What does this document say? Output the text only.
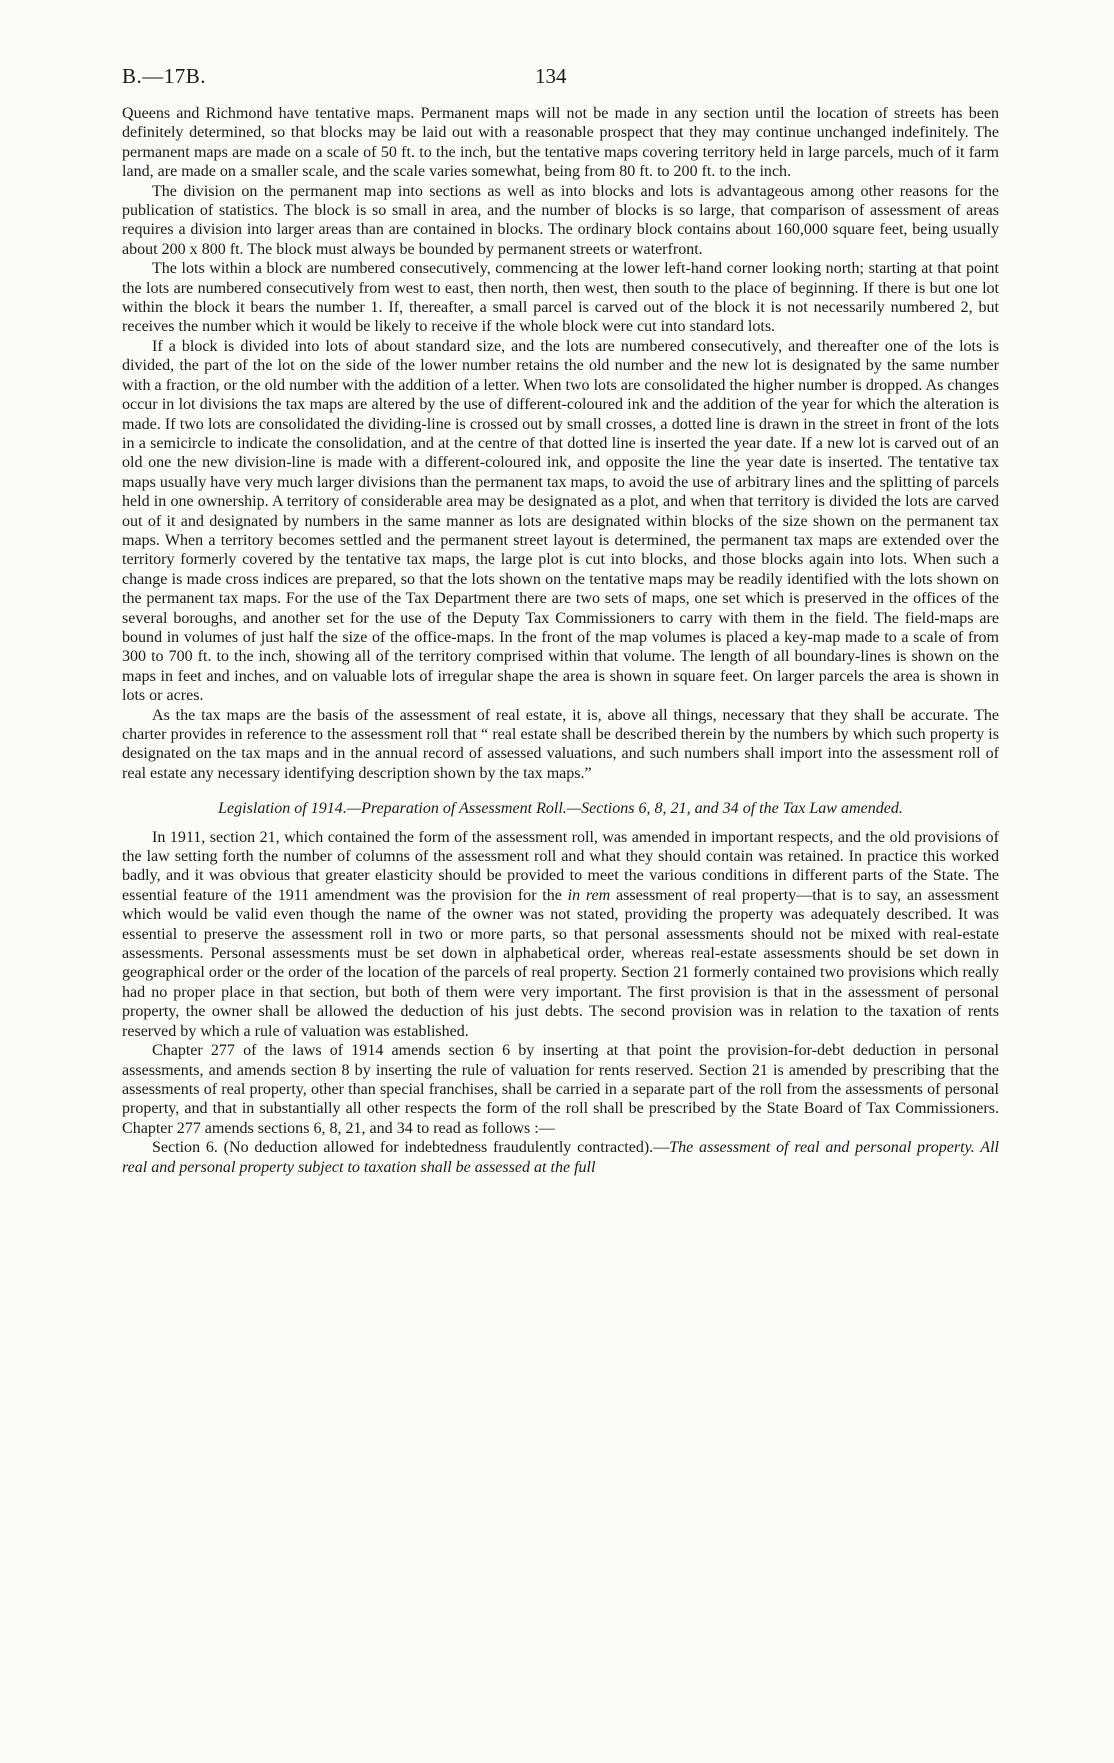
B.—17B.	134

Queens and Richmond have tentative maps. Permanent maps will not be made in any section until the location of streets has been definitely determined, so that blocks may be laid out with a reasonable prospect that they may continue unchanged indefinitely. The permanent maps are made on a scale of 50 ft. to the inch, but the tentative maps covering territory held in large parcels, much of it farm land, are made on a smaller scale, and the scale varies somewhat, being from 80 ft. to 200 ft. to the inch.

The division on the permanent map into sections as well as into blocks and lots is advantageous among other reasons for the publication of statistics. The block is so small in area, and the number of blocks is so large, that comparison of assessment of areas requires a division into larger areas than are contained in blocks. The ordinary block contains about 160,000 square feet, being usually about 200 x 800 ft. The block must always be bounded by permanent streets or waterfront.

The lots within a block are numbered consecutively, commencing at the lower left-hand corner looking north; starting at that point the lots are numbered consecutively from west to east, then north, then west, then south to the place of beginning. If there is but one lot within the block it bears the number 1. If, thereafter, a small parcel is carved out of the block it is not necessarily numbered 2, but receives the number which it would be likely to receive if the whole block were cut into standard lots.

If a block is divided into lots of about standard size, and the lots are numbered consecutively, and thereafter one of the lots is divided, the part of the lot on the side of the lower number retains the old number and the new lot is designated by the same number with a fraction, or the old number with the addition of a letter. When two lots are consolidated the higher number is dropped. As changes occur in lot divisions the tax maps are altered by the use of different-coloured ink and the addition of the year for which the alteration is made. If two lots are consolidated the dividing-line is crossed out by small crosses, a dotted line is drawn in the street in front of the lots in a semicircle to indicate the consolidation, and at the centre of that dotted line is inserted the year date. If a new lot is carved out of an old one the new division-line is made with a different-coloured ink, and opposite the line the year date is inserted. The tentative tax maps usually have very much larger divisions than the permanent tax maps, to avoid the use of arbitrary lines and the splitting of parcels held in one ownership. A territory of considerable area may be designated as a plot, and when that territory is divided the lots are carved out of it and designated by numbers in the same manner as lots are designated within blocks of the size shown on the permanent tax maps. When a territory becomes settled and the permanent street layout is determined, the permanent tax maps are extended over the territory formerly covered by the tentative tax maps, the large plot is cut into blocks, and those blocks again into lots. When such a change is made cross indices are prepared, so that the lots shown on the tentative maps may be readily identified with the lots shown on the permanent tax maps. For the use of the Tax Department there are two sets of maps, one set which is preserved in the offices of the several boroughs, and another set for the use of the Deputy Tax Commissioners to carry with them in the field. The field-maps are bound in volumes of just half the size of the office-maps. In the front of the map volumes is placed a key-map made to a scale of from 300 to 700 ft. to the inch, showing all of the territory comprised within that volume. The length of all boundary-lines is shown on the maps in feet and inches, and on valuable lots of irregular shape the area is shown in square feet. On larger parcels the area is shown in lots or acres.

As the tax maps are the basis of the assessment of real estate, it is, above all things, necessary that they shall be accurate. The charter provides in reference to the assessment roll that “ real estate shall be described therein by the numbers by which such property is designated on the tax maps and in the annual record of assessed valuations, and such numbers shall import into the assessment roll of real estate any necessary identifying description shown by the tax maps.”

Legislation of 1914.—Preparation of Assessment Roll.—Sections 6, 8, 21, and 34 of the Tax Law amended.

In 1911, section 21, which contained the form of the assessment roll, was amended in important respects, and the old provisions of the law setting forth the number of columns of the assessment roll and what they should contain was retained. In practice this worked badly, and it was obvious that greater elasticity should be provided to meet the various conditions in different parts of the State. The essential feature of the 1911 amendment was the provision for the in rem assessment of real property—that is to say, an assessment which would be valid even though the name of the owner was not stated, providing the property was adequately described. It was essential to preserve the assessment roll in two or more parts, so that personal assessments should not be mixed with real-estate assessments. Personal assessments must be set down in alphabetical order, whereas real-estate assessments should be set down in geographical order or the order of the location of the parcels of real property. Section 21 formerly contained two provisions which really had no proper place in that section, but both of them were very important. The first provision is that in the assessment of personal property, the owner shall be allowed the deduction of his just debts. The second provision was in relation to the taxation of rents reserved by which a rule of valuation was established.

Chapter 277 of the laws of 1914 amends section 6 by inserting at that point the provision-for-debt deduction in personal assessments, and amends section 8 by inserting the rule of valuation for rents reserved. Section 21 is amended by prescribing that the assessments of real property, other than special franchises, shall be carried in a separate part of the roll from the assessments of personal property, and that in substantially all other respects the form of the roll shall be prescribed by the State Board of Tax Commissioners. Chapter 277 amends sections 6, 8, 21, and 34 to read as follows :—

Section 6. (No deduction allowed for indebtedness fraudulently contracted).—The assessment of real and personal property. All real and personal property subject to taxation shall be assessed at the full
